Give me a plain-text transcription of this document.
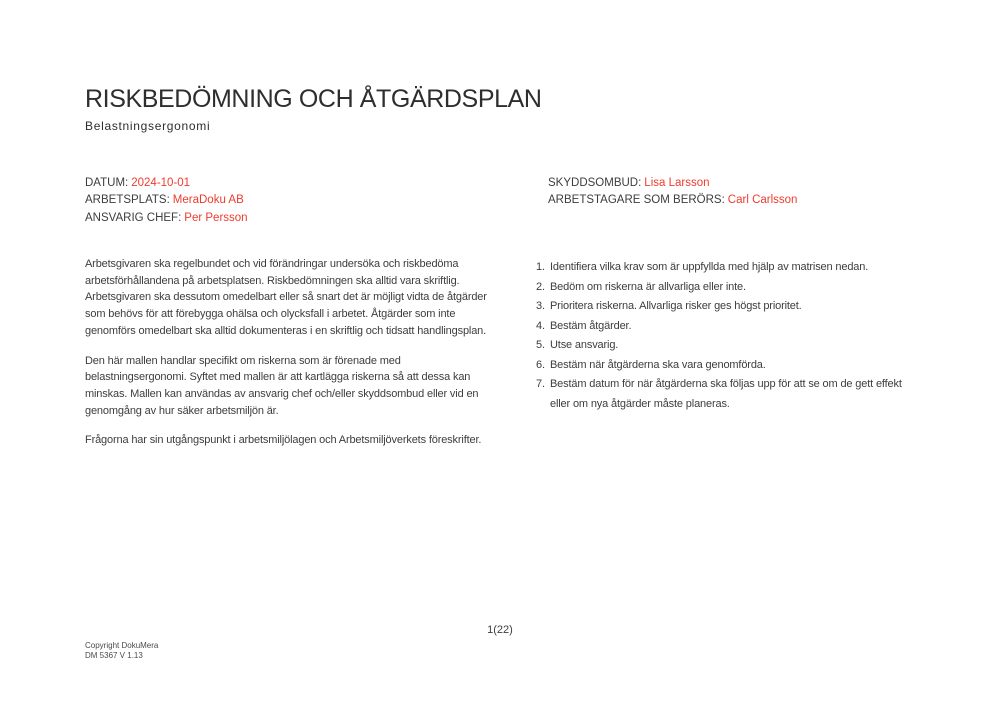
RISKBEDÖMNING OCH ÅTGÄRDSPLAN
Belastningsergonomi
DATUM: 2024-10-01
ARBETSPLATS: MeraDoku AB
ANSVARIG CHEF: Per Persson
SKYDDSOMBUD: Lisa Larsson
ARBETSTAGARE SOM BERÖRS: Carl Carlsson

Arbetsgivaren ska regelbundet och vid förändringar undersöka och riskbedöma arbetsförhållandena på arbetsplatsen. Riskbedömningen ska alltid vara skriftlig. Arbetsgivaren ska dessutom omedelbart eller så snart det är möjligt vidta de åtgärder som behövs för att förebygga ohälsa och olycksfall i arbetet. Åtgärder som inte genomförs omedelbart ska alltid dokumenteras i en skriftlig och tidsatt handlingsplan.

Den här mallen handlar specifikt om riskerna som är förenade med belastningsergonomi. Syftet med mallen är att kartlägga riskerna så att dessa kan minskas. Mallen kan användas av ansvarig chef och/eller skyddsombud eller vid en genomgång av hur säker arbetsmiljön är.

Frågorna har sin utgångspunkt i arbetsmiljölagen och Arbetsmiljöverkets föreskrifter.

1. Identifiera vilka krav som är uppfyllda med hjälp av matrisen nedan.
2. Bedöm om riskerna är allvarliga eller inte.
3. Prioritera riskerna. Allvarliga risker ges högst prioritet.
4. Bestäm åtgärder.
5. Utse ansvarig.
6. Bestäm när åtgärderna ska vara genomförda.
7. Bestäm datum för när åtgärderna ska följas upp för att se om de gett effekt eller om nya åtgärder måste planeras.
1(22)
Copyright DokuMera
DM 5367 V 1.13
